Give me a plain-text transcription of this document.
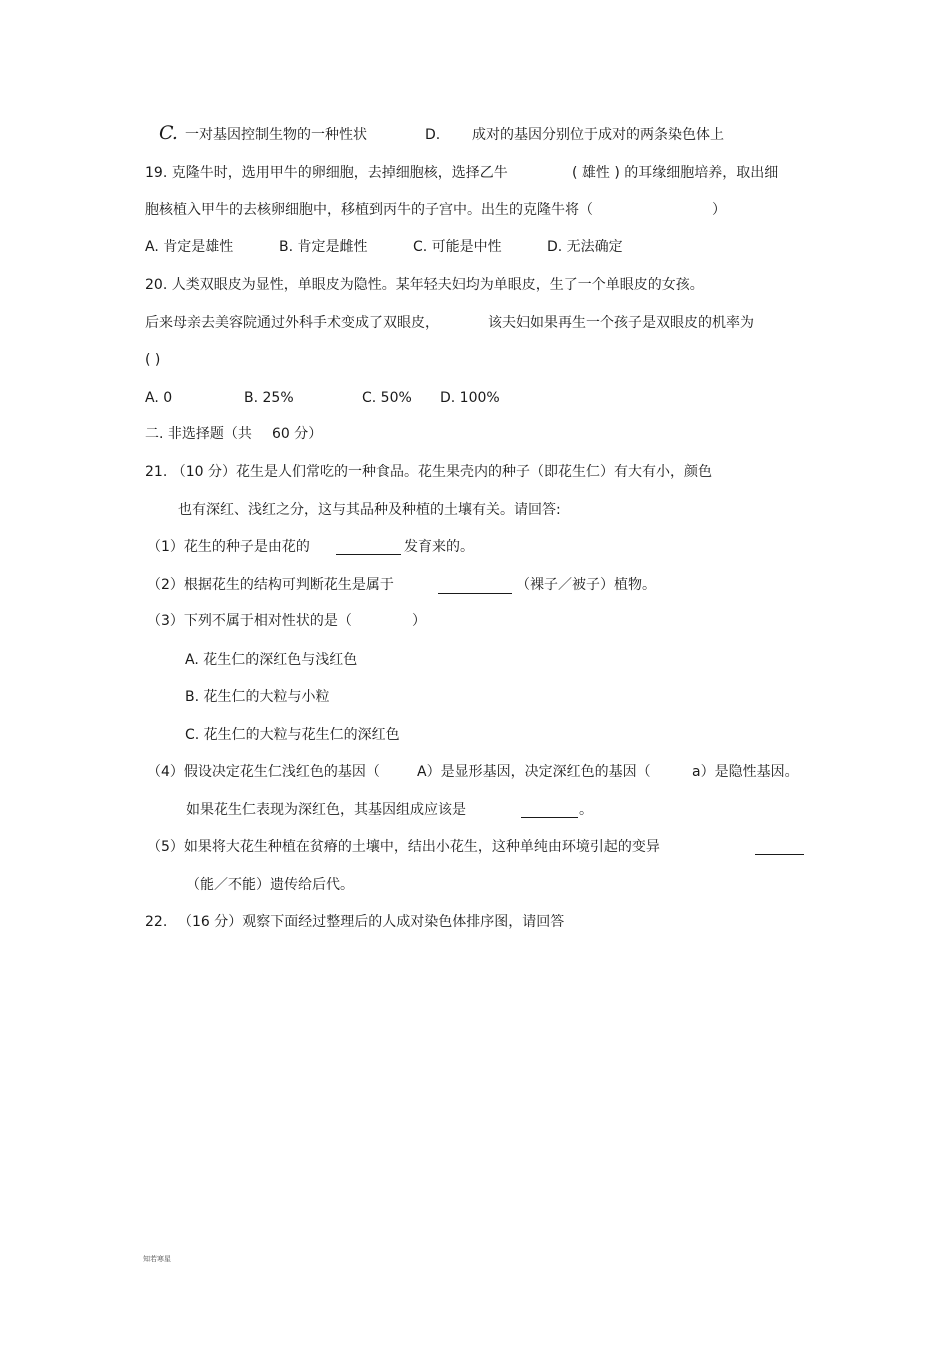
C. 一对基因控制生物的一种性状	D. 成对的基因分别位于成对的两条染色体上
19. 克隆牛时，选用甲牛的卵细胞，去掉细胞核，选择乙牛	( 雄性 ) 的耳缘细胞培养，取出细
胞核植入甲牛的去核卵细胞中，移植到丙牛的子宫中。出生的克隆牛将（	）
A. 肯定是雄性	B. 肯定是雌性	C. 可能是中性	D. 无法确定
20. 人类双眼皮为显性，单眼皮为隐性。某年轻夫妇均为单眼皮，生了一个单眼皮的女孩。
后来母亲去美容院通过外科手术变成了双眼皮，	该夫妇如果再生一个孩子是双眼皮的机率为
( )
A. 0	B. 25%	C. 50% D. 100%
二. 非选择题（共 60 分）
21. （10 分）花生是人们常吃的一种食品。花生果壳内的种子（即花生仁）有大有小，颜色
也有深红、浅红之分，这与其品种及种植的土壤有关。请回答:
（1）花生的种子是由花的	发育来的。
（2）根据花生的结构可判断花生是属于	（裸子／被子）植物。
（3）下列不属于相对性状的是（	）
A. 花生仁的深红色与浅红色
B. 花生仁的大粒与小粒
C. 花生仁的大粒与花生仁的深红色
（4）假设决定花生仁浅红色的基因（	A）是显形基因，决定深红色的基因（	a）是隐性基因。
如果花生仁表现为深红色，其基因组成应该是	。
（5）如果将大花生种植在贫瘠的土壤中，结出小花生，这种单纯由环境引起的变异
（能／不能）遗传给后代。
22. （16 分）观察下面经过整理后的人成对染色体排序图，请回答
知若寒星
